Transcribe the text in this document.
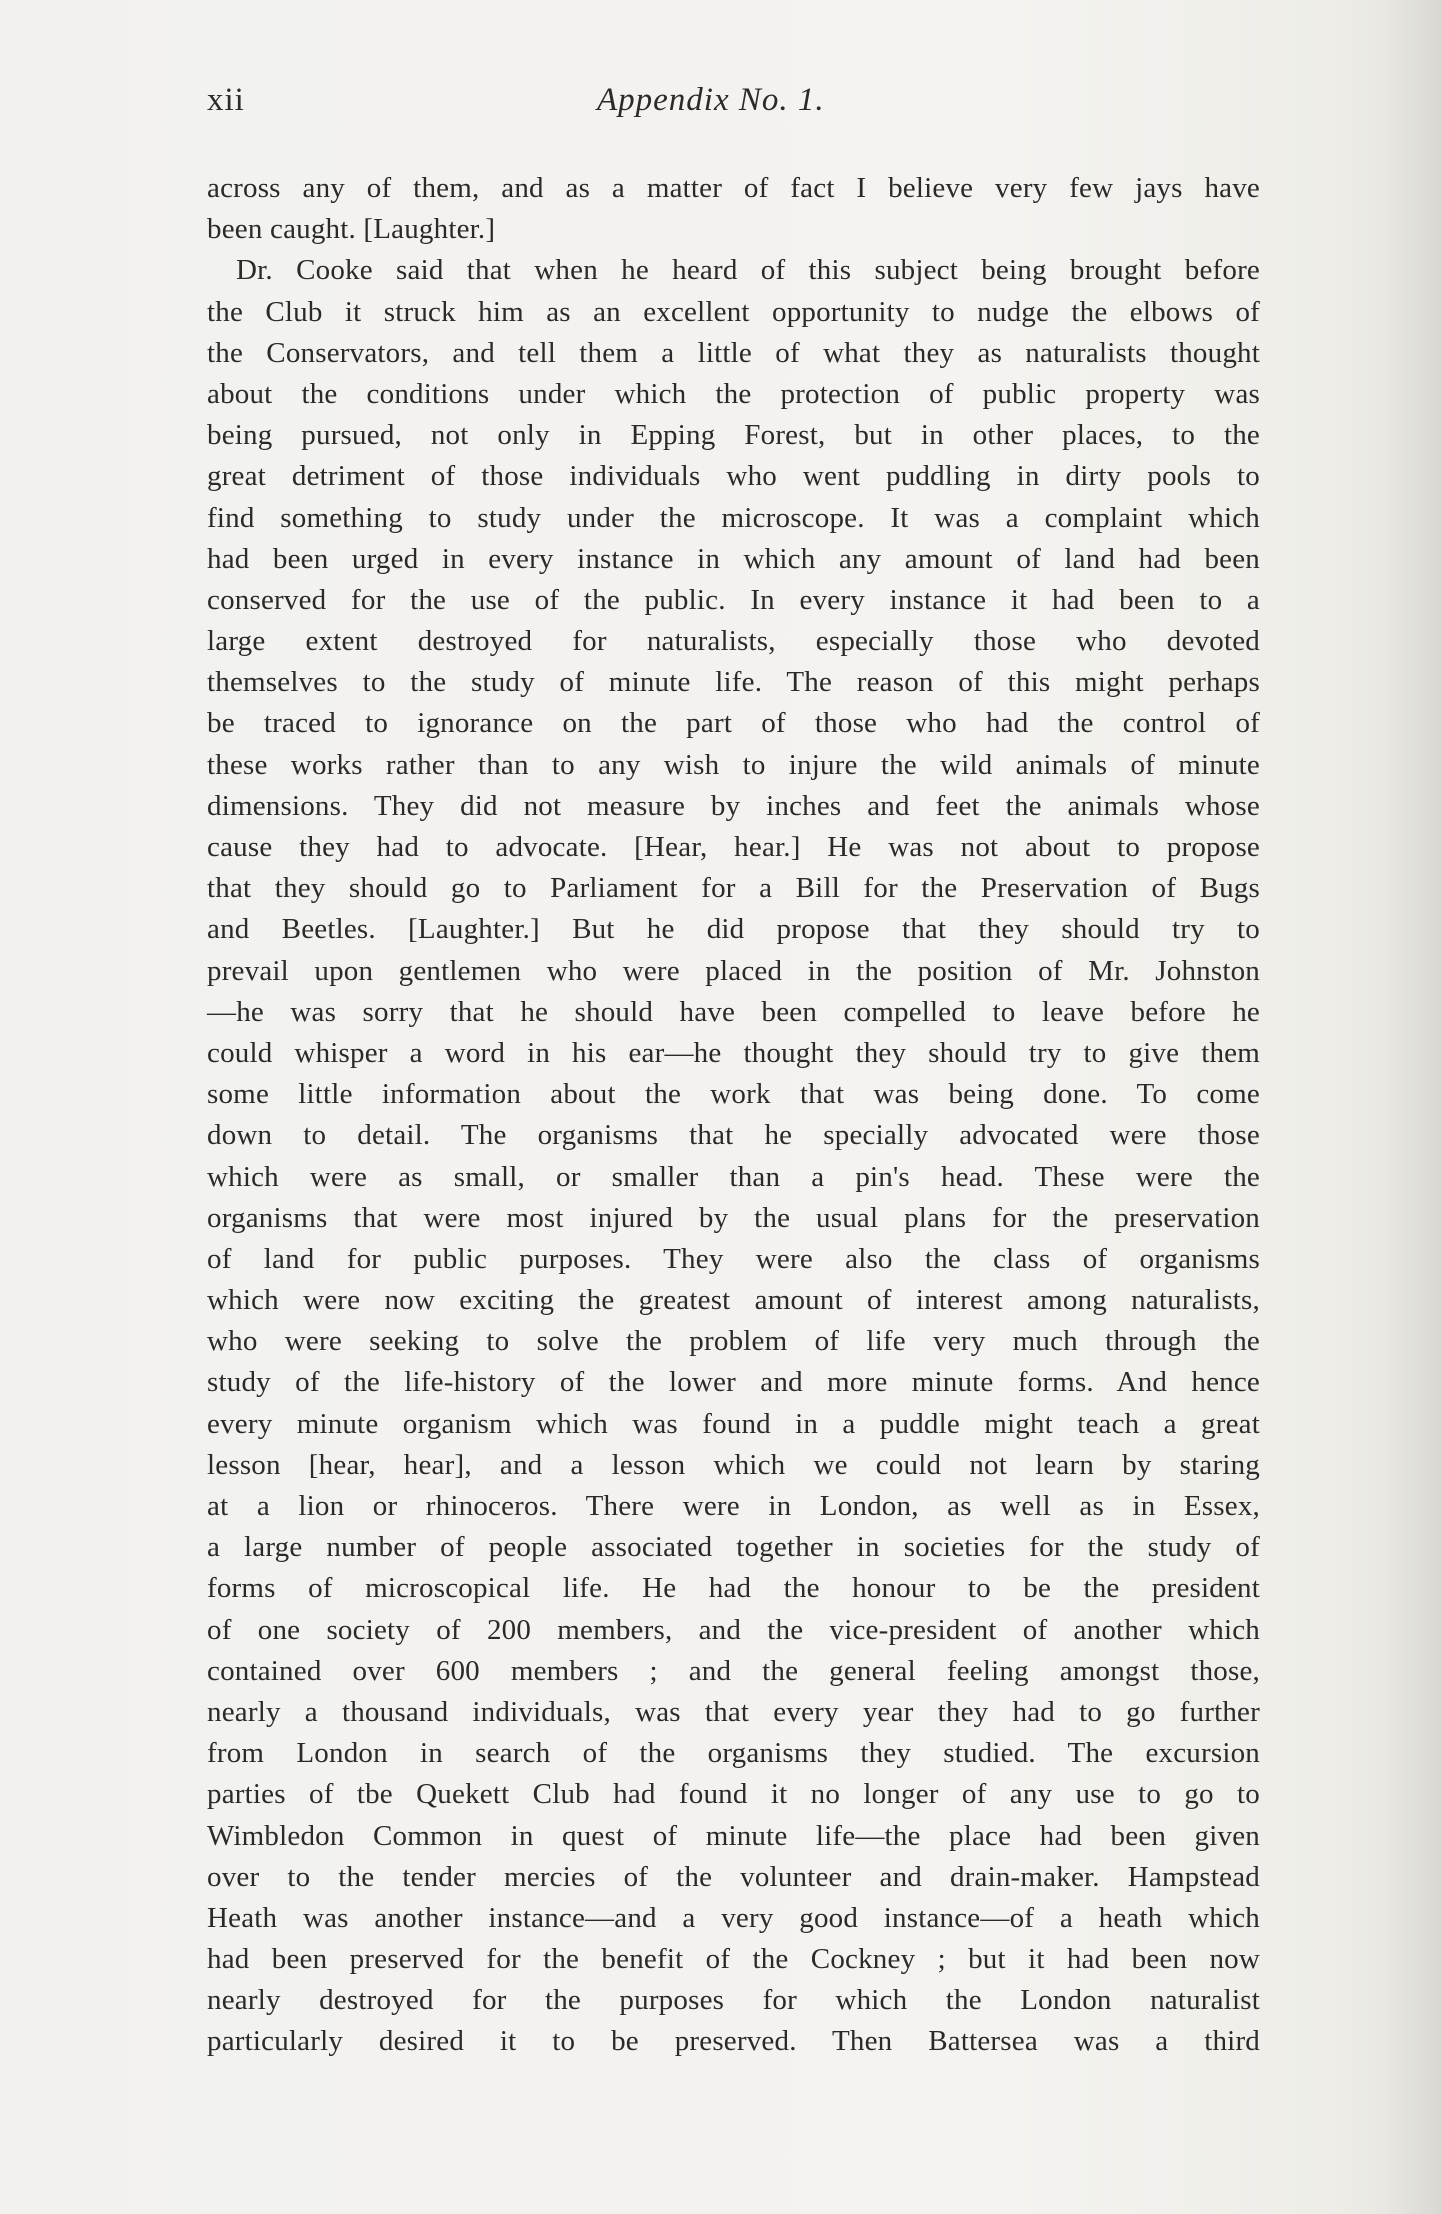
xii	Appendix No. 1.
across any of them, and as a matter of fact I believe very few jays have
been caught. [Laughter.]
Dr. Cooke said that when he heard of this subject being brought before
the Club it struck him as an excellent opportunity to nudge the elbows of
the Conservators, and tell them a little of what they as naturalists thought
about the conditions under which the protection of public property was
being pursued, not only in Epping Forest, but in other places, to the
great detriment of those individuals who went puddling in dirty pools to
find something to study under the microscope. It was a complaint which
had been urged in every instance in which any amount of land had been
conserved for the use of the public. In every instance it had been to a
large extent destroyed for naturalists, especially those who devoted
themselves to the study of minute life. The reason of this might perhaps
be traced to ignorance on the part of those who had the control of
these works rather than to any wish to injure the wild animals of minute
dimensions. They did not measure by inches and feet the animals whose
cause they had to advocate. [Hear, hear.] He was not about to propose
that they should go to Parliament for a Bill for the Preservation of Bugs
and Beetles. [Laughter.] But he did propose that they should try to
prevail upon gentlemen who were placed in the position of Mr. Johnston
—he was sorry that he should have been compelled to leave before he
could whisper a word in his ear—he thought they should try to give them
some little information about the work that was being done. To come
down to detail. The organisms that he specially advocated were those
which were as small, or smaller than a pin's head. These were the
organisms that were most injured by the usual plans for the preservation
of land for public purposes. They were also the class of organisms
which were now exciting the greatest amount of interest among naturalists,
who were seeking to solve the problem of life very much through the
study of the life-history of the lower and more minute forms. And hence
every minute organism which was found in a puddle might teach a great
lesson [hear, hear], and a lesson which we could not learn by staring
at a lion or rhinoceros. There were in London, as well as in Essex,
a large number of people associated together in societies for the study of
forms of microscopical life. He had the honour to be the president
of one society of 200 members, and the vice-president of another which
contained over 600 members ; and the general feeling amongst those,
nearly a thousand individuals, was that every year they had to go further
from London in search of the organisms they studied. The excursion
parties of tbe Quekett Club had found it no longer of any use to go to
Wimbledon Common in quest of minute life—the place had been given
over to the tender mercies of the volunteer and drain-maker. Hampstead
Heath was another instance—and a very good instance—of a heath which
had been preserved for the benefit of the Cockney ; but it had been now
nearly destroyed for the purposes for which the London naturalist
particularly desired it to be preserved. Then Battersea was a third
